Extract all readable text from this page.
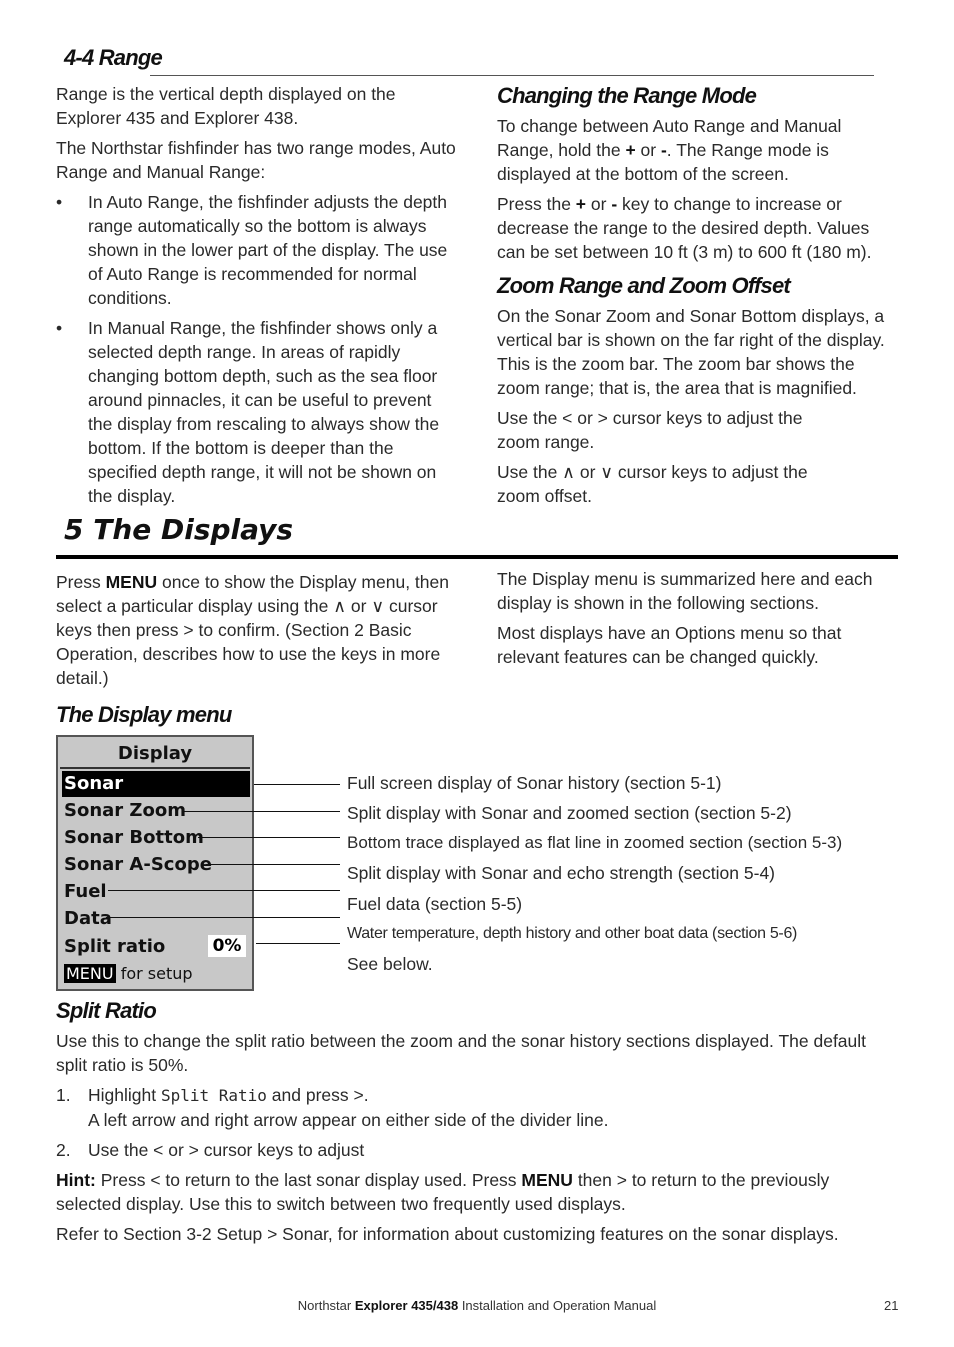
4-4 Range

Range is the vertical depth displayed on the Explorer 435 and Explorer 438.

The Northstar fishfinder has two range modes, Auto Range and Manual Range:

• In Auto Range, the fishfinder adjusts the depth range automatically so the bottom is always shown in the lower part of the display. The use of Auto Range is recommended for normal conditions.
• In Manual Range, the fishfinder shows only a selected depth range. In areas of rapidly changing bottom depth, such as the sea floor around pinnacles, it can be useful to prevent the display from rescaling to always show the bottom. If the bottom is deeper than the specified depth range, it will not be shown on the display.
Changing the Range Mode

To change between Auto Range and Manual Range, hold the + or -. The Range mode is displayed at the bottom of the screen.

Press the + or - key to change to increase or decrease the range to the desired depth. Values can be set between 10 ft (3 m) to 600 ft (180 m).

Zoom Range and Zoom Offset

On the Sonar Zoom and Sonar Bottom displays, a vertical bar is shown on the far right of the display. This is the zoom bar. The zoom bar shows the zoom range; that is, the area that is magnified.

Use the < or > cursor keys to adjust the zoom range.

Use the ∧ or ∨ cursor keys to adjust the zoom offset.

5 The Displays

Press MENU once to show the Display menu, then select a particular display using the ∧ or ∨ cursor keys then press > to confirm. (Section 2 Basic Operation, describes how to use the keys in more detail.)

The Display menu is summarized here and each display is shown in the following sections.

Most displays have an Options menu so that relevant features can be changed quickly.

The Display menu
Display
Sonar
Sonar Zoom
Sonar Bottom
Sonar A-Scope
Fuel
Data
Split ratio	0%
MENU for setup
Full screen display of Sonar history (section 5-1)
Split display with Sonar and zoomed section (section 5-2)
Bottom trace displayed as flat line in zoomed section (section 5-3)
Split display with Sonar and echo strength (section 5-4)
Fuel data (section 5-5)
Water temperature, depth history and other boat data (section 5-6)
See below.
Split Ratio

Use this to change the split ratio between the zoom and the sonar history sections displayed. The default split ratio is 50%.

1. Highlight Split Ratio and press >.
A left arrow and right arrow appear on either side of the divider line.
2. Use the < or > cursor keys to adjust

Hint: Press < to return to the last sonar display used. Press MENU then > to return to the previously selected display. Use this to switch between two frequently used displays.

Refer to Section 3-2 Setup > Sonar, for information about customizing features on the sonar displays.

Northstar Explorer 435/438 Installation and Operation Manual	21
